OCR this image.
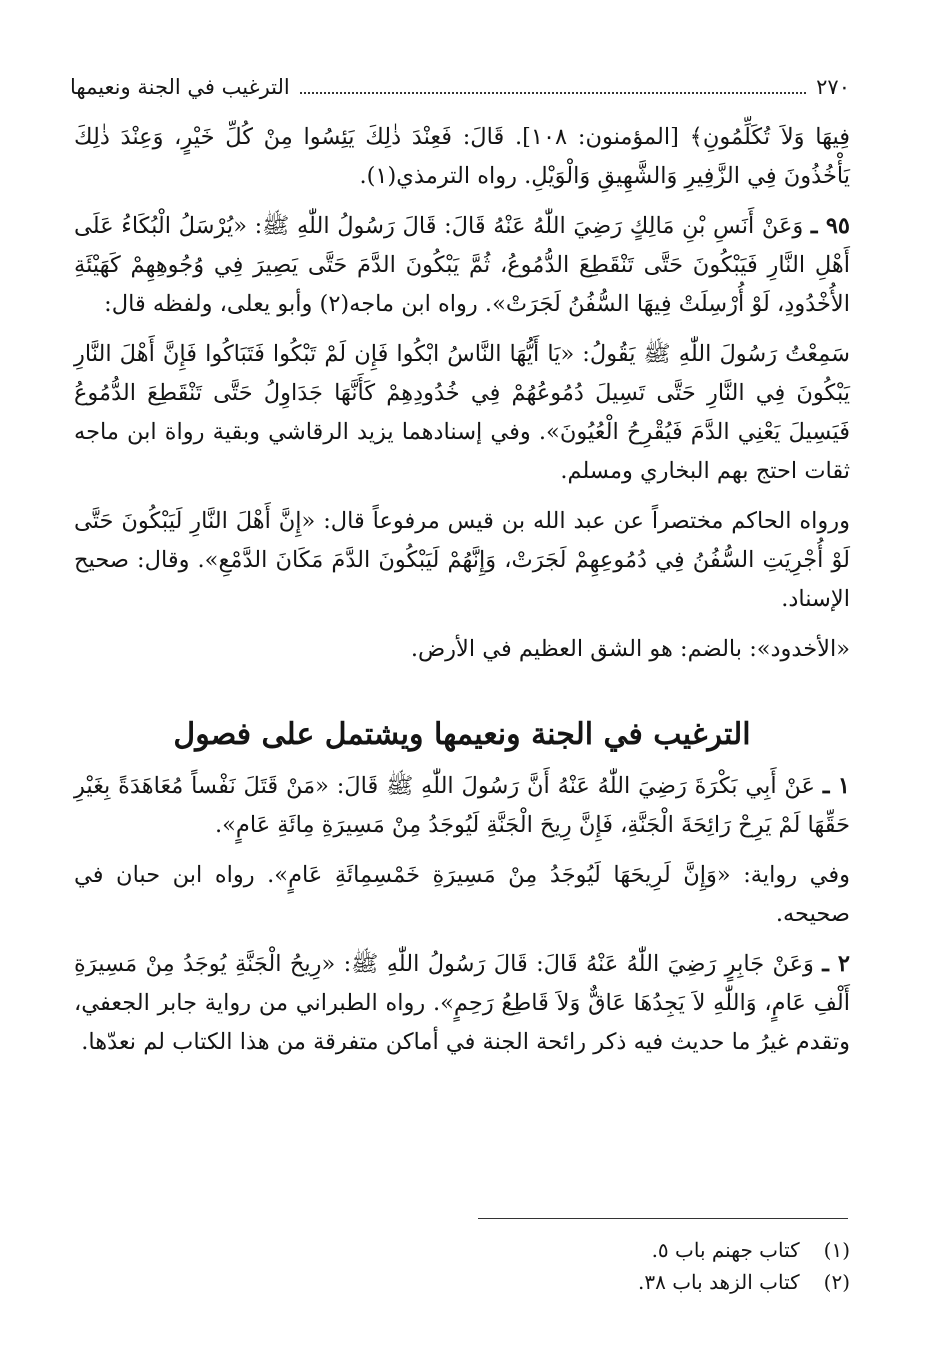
٢٧٠
الترغيب في الجنة ونعيمها

فِيهَا وَلاَ تُكَلِّمُونِ﴾ [المؤمنون: ١٠٨]. قَالَ: فَعِنْدَ ذٰلِكَ يَئِسُوا مِنْ كُلِّ خَيْرٍ، وَعِنْدَ ذٰلِكَ يَأْخُذُونَ فِي الزَّفِيرِ وَالشَّهِيقِ وَالْوَيْلِ. رواه الترمذي(١).

٩٥ ـ وَعَنْ أَنَسِ بْنِ مَالِكٍ رَضِيَ اللّٰهُ عَنْهُ قَالَ: قَالَ رَسُولُ اللّٰهِ ﷺ: «يُرْسَلُ الْبُكَاءُ عَلَى أَهْلِ النَّارِ فَيَبْكُونَ حَتَّى تَنْقَطِعَ الدُّمُوعُ، ثُمَّ يَبْكُونَ الدَّمَ حَتَّى يَصِيرَ فِي وُجُوهِهِمْ كَهَيْئَةِ الأُخْدُودِ، لَوْ أُرْسِلَتْ فِيهَا السُّفُنُ لَجَرَتْ». رواه ابن ماجه(٢) وأبو يعلى، ولفظه قال:

سَمِعْتُ رَسُولَ اللّٰهِ ﷺ يَقُولُ: «يَا أَيُّهَا النَّاسُ ابْكُوا فَإِن لَمْ تَبْكُوا فَتَبَاكُوا فَإِنَّ أَهْلَ النَّارِ يَبْكُونَ فِي النَّارِ حَتَّى تَسِيلَ دُمُوعُهُمْ فِي خُدُودِهِمْ كَأَنَّهَا جَدَاوِلُ حَتَّى تَنْقَطِعَ الدُّمُوعُ فَيَسِيلَ يَعْنِي الدَّمَ فَيُقْرِحُ الْعُيُونَ». وفي إسنادهما يزيد الرقاشي وبقية رواة ابن ماجه ثقات احتج بهم البخاري ومسلم.

ورواه الحاكم مختصراً عن عبد الله بن قيس مرفوعاً قال: «إِنَّ أَهْلَ النَّارِ لَيَبْكُونَ حَتَّى لَوْ أُجْرِيَتِ السُّفُنُ فِي دُمُوعِهِمْ لَجَرَتْ، وَإِنَّهُمْ لَيَبْكُونَ الدَّمَ مَكَانَ الدَّمْعِ». وقال: صحيح الإسناد.

«الأخدود»: بالضم: هو الشق العظيم في الأرض.

الترغيب في الجنة ونعيمها ويشتمل على فصول

١ ـ عَنْ أَبِي بَكْرَةَ رَضِيَ اللّٰهُ عَنْهُ أَنَّ رَسُولَ اللّٰهِ ﷺ قَالَ: «مَنْ قَتَلَ نَفْساً مُعَاهَدَةً بِغَيْرِ حَقِّهَا لَمْ يَرِحْ رَائِحَةَ الْجَنَّةِ، فَإِنَّ رِيحَ الْجَنَّةِ لَيُوجَدُ مِنْ مَسِيرَةِ مِائَةِ عَامٍ».

وفي رواية: «وَإِنَّ لَرِيحَهَا لَيُوجَدُ مِنْ مَسِيرَةِ خَمْسِمِائَةِ عَامٍ». رواه ابن حبان في صحيحه.

٢ ـ وَعَنْ جَابِرٍ رَضِيَ اللّٰهُ عَنْهُ قَالَ: قَالَ رَسُولُ اللّٰهِ ﷺ: «رِيحُ الْجَنَّةِ يُوجَدُ مِنْ مَسِيرَةِ أَلْفِ عَامٍ، وَاللّٰهِ لاَ يَجِدُهَا عَاقٌّ وَلاَ قَاطِعُ رَحِمٍ». رواه الطبراني من رواية جابر الجعفي، وتقدم غيرُ ما حديث فيه ذكر رائحة الجنة في أماكن متفرقة من هذا الكتاب لم نعدّها.

(١) كتاب جهنم باب ٥.
(٢) كتاب الزهد باب ٣٨.
